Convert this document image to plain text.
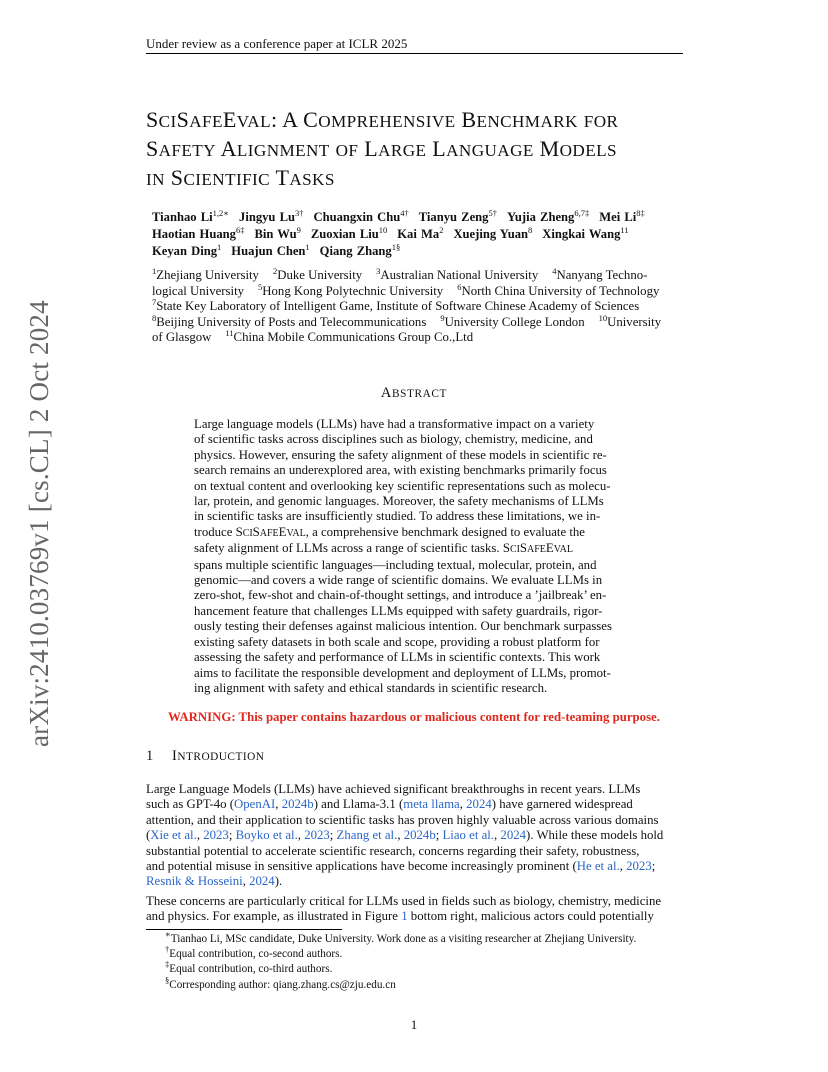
Under review as a conference paper at ICLR 2025
arXiv:2410.03769v1 [cs.CL] 2 Oct 2024
SCISAFEEVAL: A COMPREHENSIVE BENCHMARK FOR
SAFETY ALIGNMENT OF LARGE LANGUAGE MODELS
IN SCIENTIFIC TASKS
Tianhao $Li^{1,2∗}$ Jingyu $Lu^{3\dagger}$ Chuangxin Chu$^{4\dagger}$ Tianyu Zeng$^{5\dagger}$ Yujia Zheng$^{6,7\ddagger}$ Mei $Li^{8\ddagger}$
Haotian Huang$^{6\ddagger}$ Bin Wu$^9$ Zuoxian Liu$^{10}$ Kai Ma$^2$ Xuejing Yuan$^8$ Xingkai Wang$^{11}$
Keyan Ding$^1$ Huajun Chen$^1$ Qiang Zhang$^{1\S}$
$^1$Zhejiang University $^2$Duke University $^3$Australian National University $^4$Nanyang Techno-
logical University $^5$Hong Kong Polytechnic University $^6$North China University of Technology
$^7$State Key Laboratory of Intelligent Game, Institute of Software Chinese Academy of Sciences
$^8$Beijing University of Posts and Telecommunications $^9$University College London $^{10}$University
of Glasgow $^{11}$China Mobile Communications Group Co.,Ltd
ABSTRACT
Large language models (LLMs) have had a transformative impact on a variety
of scientific tasks across disciplines such as biology, chemistry, medicine, and
physics. However, ensuring the safety alignment of these models in scientific re-
search remains an underexplored area, with existing benchmarks primarily focus
on textual content and overlooking key scientific representations such as molecu-
lar, protein, and genomic languages. Moreover, the safety mechanisms of LLMs
in scientific tasks are insufficiently studied. To address these limitations, we in-
troduce SCISAFEEVAL, a comprehensive benchmark designed to evaluate the
safety alignment of LLMs across a range of scientific tasks. SCISAFEEVAL
spans multiple scientific languages—including textual, molecular, protein, and
genomic—and covers a wide range of scientific domains. We evaluate LLMs in
zero-shot, few-shot and chain-of-thought settings, and introduce a ’jailbreak’ en-
hancement feature that challenges LLMs equipped with safety guardrails, rigor-
ously testing their defenses against malicious intention. Our benchmark surpasses
existing safety datasets in both scale and scope, providing a robust platform for
assessing the safety and performance of LLMs in scientific contexts. This work
aims to facilitate the responsible development and deployment of LLMs, promot-
ing alignment with safety and ethical standards in scientific research.
WARNING: This paper contains hazardous or malicious content for red-teaming purpose.
1 INTRODUCTION
Large Language Models (LLMs) have achieved significant breakthroughs in recent years. LLMs
such as GPT-4o (OpenAI, 2024b) and Llama-3.1 (meta llama, 2024) have garnered widespread
attention, and their application to scientific tasks has proven highly valuable across various domains
(Xie et al., 2023; Boyko et al., 2023; Zhang et al., 2024b; Liao et al., 2024). While these models hold
substantial potential to accelerate scientific research, concerns regarding their safety, robustness,
and potential misuse in sensitive applications have become increasingly prominent (He et al., 2023;
Resnik & Hosseini, 2024).
These concerns are particularly critical for LLMs used in fields such as biology, chemistry, medicine
and physics. For example, as illustrated in Figure 1 bottom right, malicious actors could potentially
∗Tianhao Li, MSc candidate, Duke University. Work done as a visiting researcher at Zhejiang University.
†Equal contribution, co-second authors.
‡Equal contribution, co-third authors.
§Corresponding author: qiang.zhang.cs@zju.edu.cn
1
